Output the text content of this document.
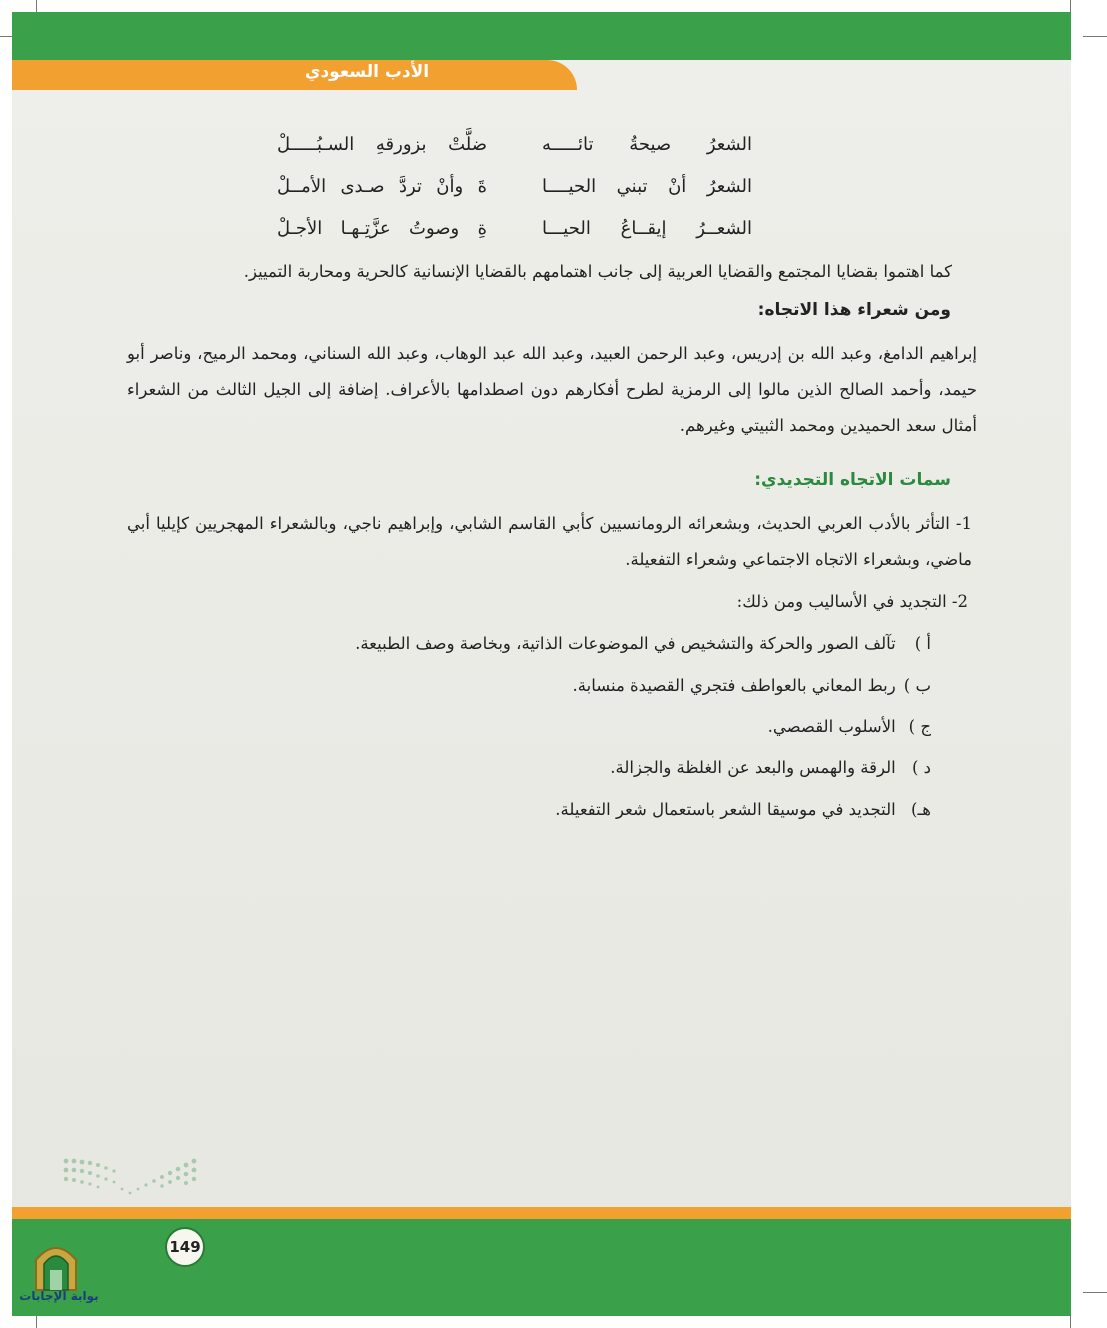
الأدب السعودي
الشعرُ صيحةُ تائـــــه
ضلَّتْ بزورقهِ السـبُـــــلْ
الشعرُ أنْ تبني الحيــــا
ةَ وأنْ تردَّ صـدى الأمــلْ
الشعــرُ إيقــاعُ الحيـــا
ةِ وصوتُ عزَّتِـهـا الأجـلْ
كما اهتموا بقضايا المجتمع والقضايا العربية إلى جانب اهتمامهم بالقضايا الإنسانية كالحرية ومحاربة التمييز.
ومن شعراء هذا الاتجاه:
إبراهيم الدامغ، وعبد الله بن إدريس، وعبد الرحمن العبيد، وعبد الله عبد الوهاب، وعبد الله السناني، ومحمد الرميح، وناصر أبو حيمد، وأحمد الصالح الذين مالوا إلى الرمزية لطرح أفكارهم دون اصطدامها بالأعراف. إضافة إلى الجيل الثالث من الشعراء أمثال سعد الحميدين ومحمد الثبيتي وغيرهم.
سمات الاتجاه التجديدي:
1- التأثر بالأدب العربي الحديث، وبشعرائه الرومانسيين كأبي القاسم الشابي، وإبراهيم ناجي، وبالشعراء المهجريين كإيليا أبي ماضي، وبشعراء الاتجاه الاجتماعي وشعراء التفعيلة.
2- التجديد في الأساليب ومن ذلك:
أ ) تآلف الصور والحركة والتشخيص في الموضوعات الذاتية، وبخاصة وصف الطبيعة.
ب ) ربط المعاني بالعواطف فتجري القصيدة منسابة.
ج ) الأسلوب القصصي.
د ) الرقة والهمس والبعد عن الغلظة والجزالة.
هـ) التجديد في موسيقا الشعر باستعمال شعر التفعيلة.
149
بوابة الإجابات
